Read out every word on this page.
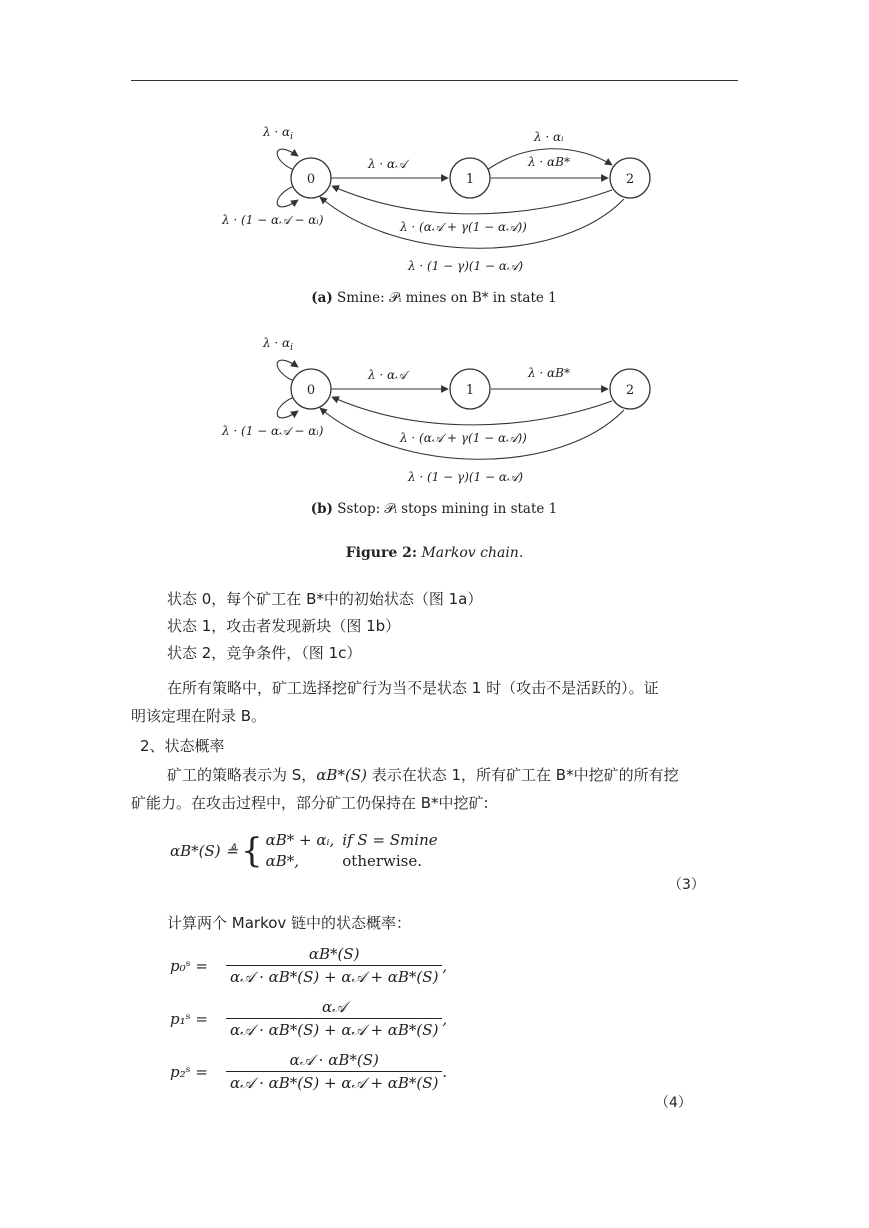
0	1	2
$\lambda \cdot \alpha_i$
λ · (1 − α𝒜 − αᵢ)
λ · α𝒜
λ · αᵢ
λ · αB*
λ · (α𝒜 + γ(1 − α𝒜))
λ · (1 − γ)(1 − α𝒜)
(a) Smine: 𝒫ᵢ mines on B* in state 1
0	1	2
$\lambda \cdot \alpha_i$
λ · (1 − α𝒜 − αᵢ)
λ · α𝒜	λ · αB*
λ · (α𝒜 + γ(1 − α𝒜))
λ · (1 − γ)(1 − α𝒜)
(b) Sstop: 𝒫ᵢ stops mining in state 1
Figure 2: Markov chain.
状态 0，每个矿工在 B*中的初始状态（图 1a）
状态 1，攻击者发现新块（图 1b）
状态 2，竞争条件，（图 1c）
在所有策略中，矿工选择挖矿行为当不是状态 1 时（攻击不是活跃的）。证
明该定理在附录 B。
2、状态概率
矿工的策略表示为 S，αB*(S) 表示在状态 1，所有矿工在 B*中挖矿的所有挖
矿能力。在攻击过程中，部分矿工仍保持在 B*中挖矿:
αB*(S) ≜ { αB* + αᵢ,	if S = Smine
αB*,	otherwise.
（3）
计算两个 Markov 链中的状态概率：
p₀ˢ =	$\frac{\alpha B*(S)}{\text{α𝒜 · αB*(S) + α𝒜 + αB*(S)}}$ ,
p₁ˢ =	$\frac{\text{α𝒜}}{\text{α𝒜 · αB*(S) + α𝒜 + αB*(S)}}$ ,
p₂ˢ =	$\frac{\text{α𝒜 · αB*(S)}}{\text{α𝒜 · αB*(S) + α𝒜 + αB*(S)}}$ .
（4）
